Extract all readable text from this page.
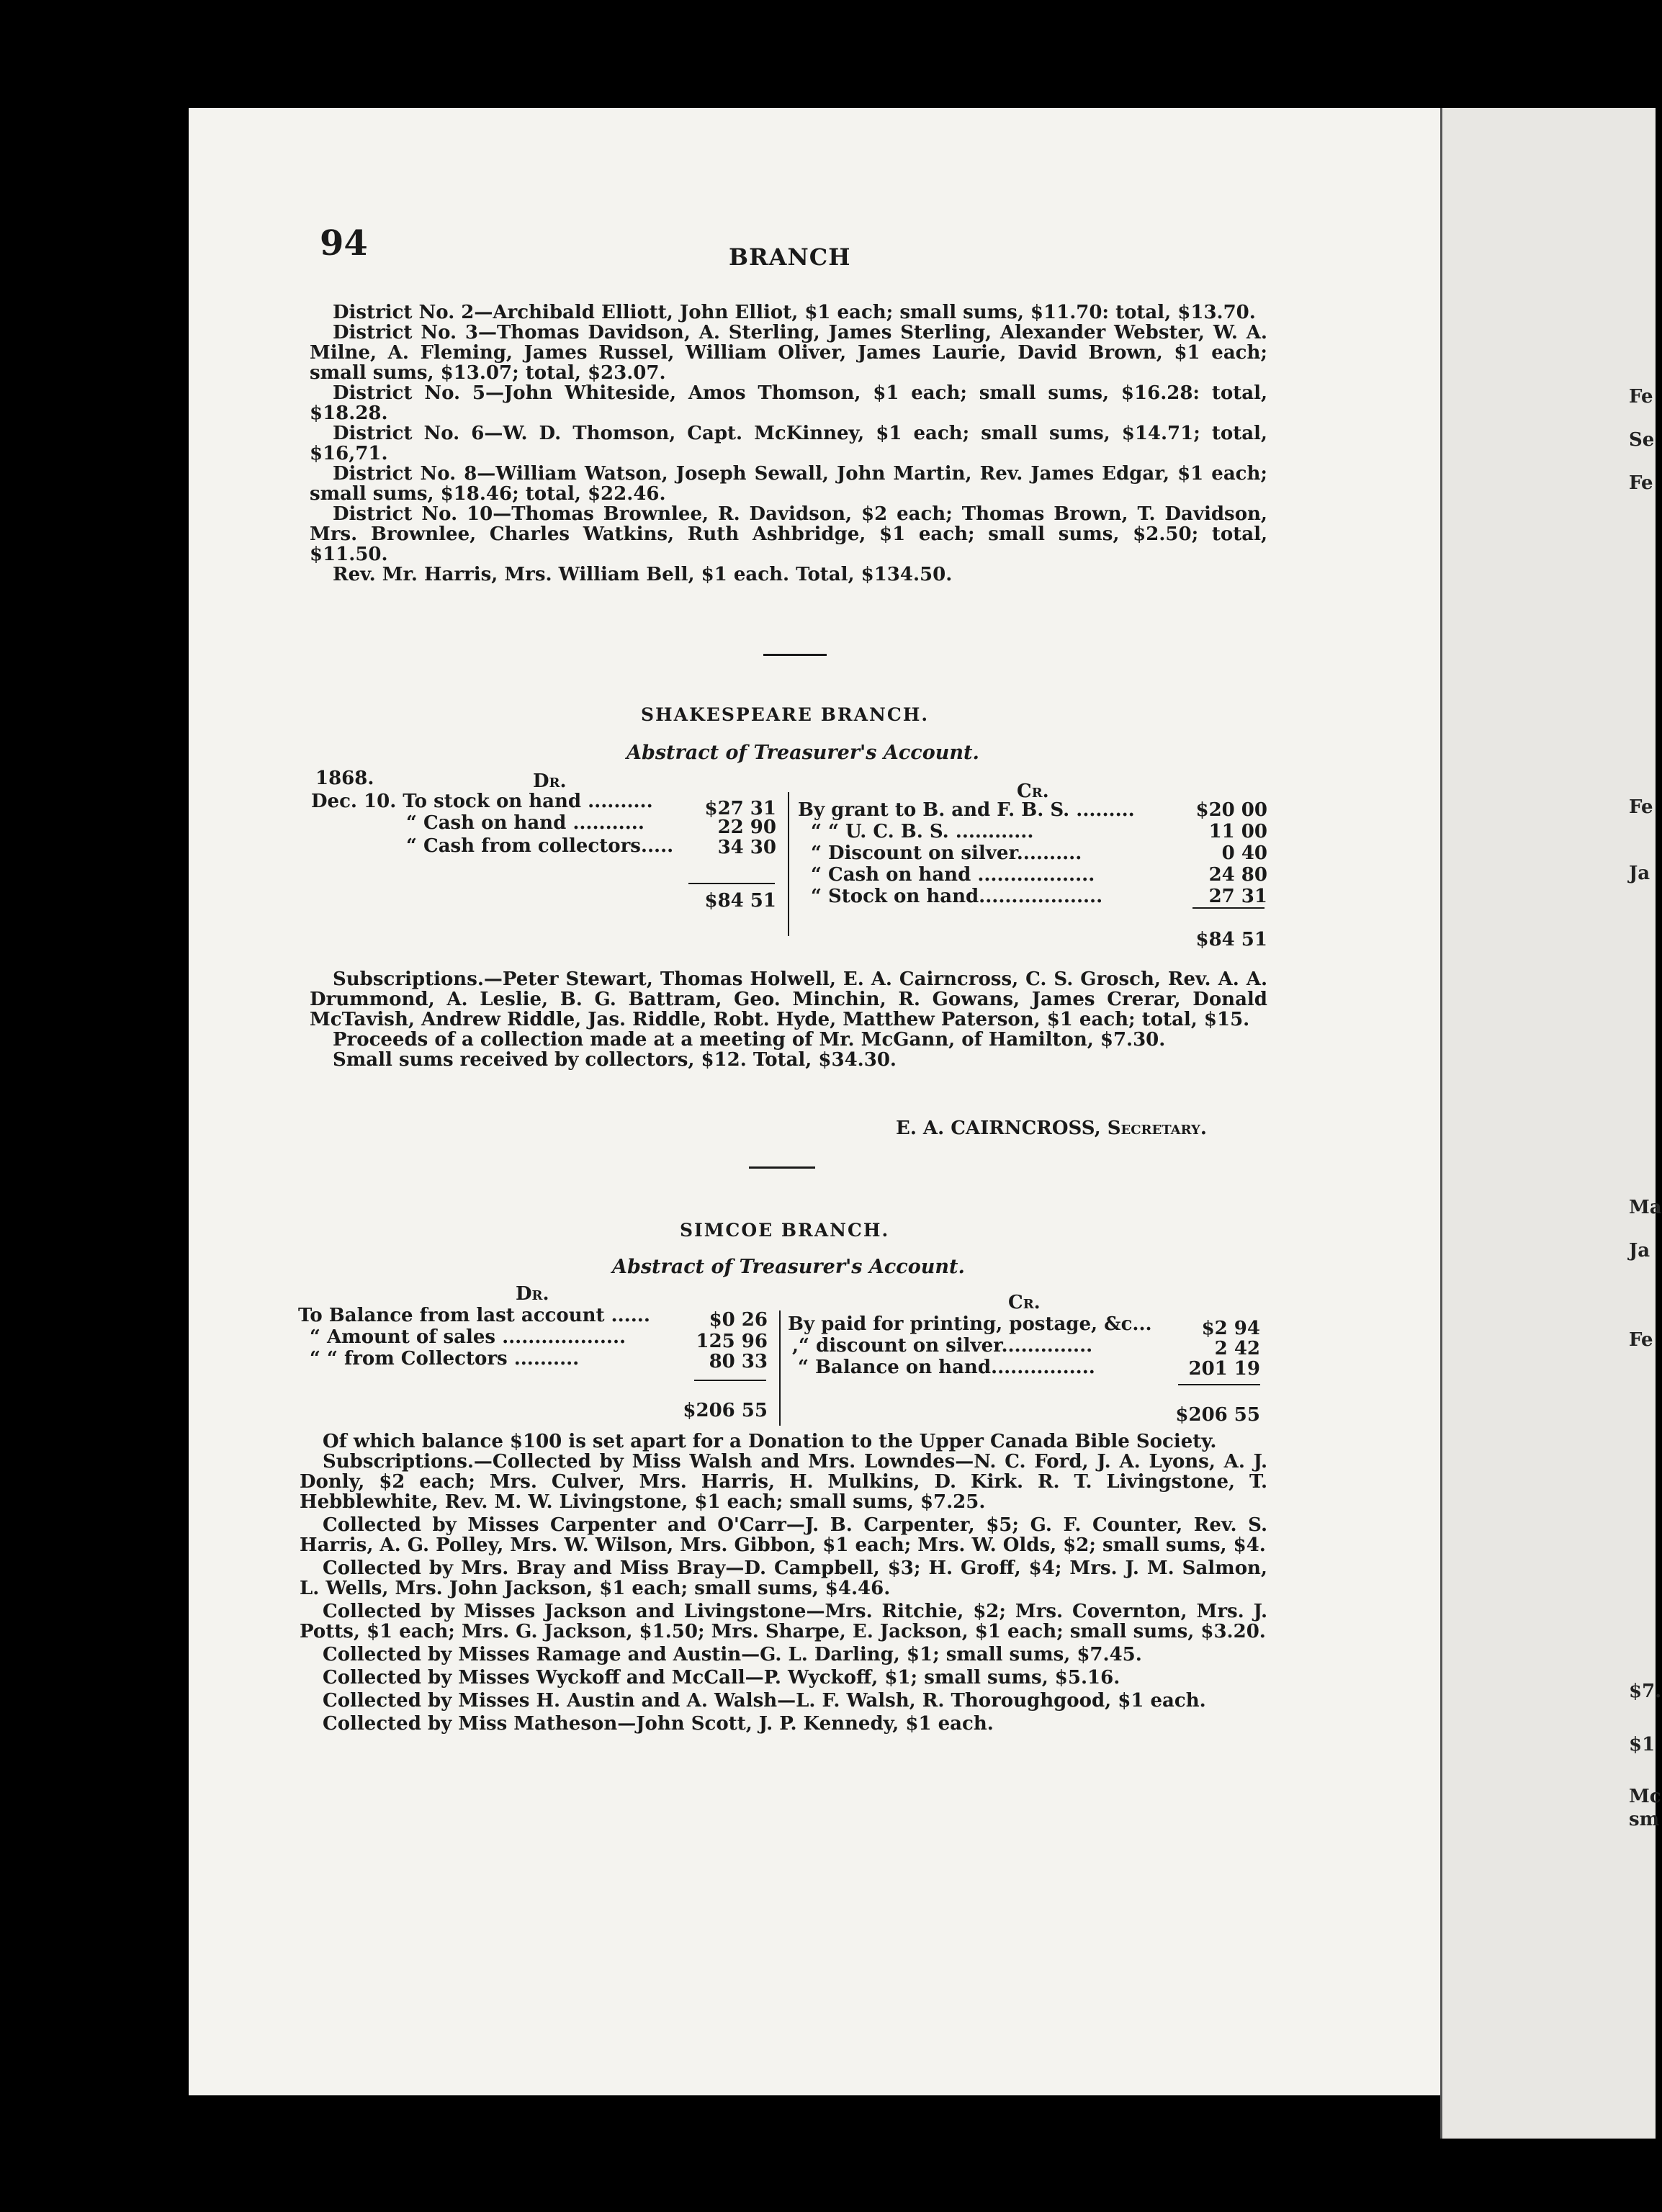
Fe
Se
Fe
Fe
Ja
Ma
Ja
Fe
$7.
$1
Mc
sm
94	BRANCH
District No. 2—Archibald Elliott, John Elliot, $1 each; small sums, $11.70: total, $13.70.
District No. 3—Thomas Davidson, A. Sterling, James Sterling, Alexander Webster, W. A. Milne, A. Fleming, James Russel, William Oliver, James Laurie, David Brown, $1 each; small sums, $13.07; total, $23.07.
District No. 5—John Whiteside, Amos Thomson, $1 each; small sums, $16.28: total, $18.28.
District No. 6—W. D. Thomson, Capt. McKinney, $1 each; small sums, $14.71; total, $16,71.
District No. 8—William Watson, Joseph Sewall, John Martin, Rev. James Edgar, $1 each; small sums, $18.46; total, $22.46.
District No. 10—Thomas Brownlee, R. Davidson, $2 each; Thomas Brown, T. Davidson, Mrs. Brownlee, Charles Watkins, Ruth Ashbridge, $1 each; small sums, $2.50; total, $11.50.
Rev. Mr. Harris, Mrs. William Bell, $1 each. Total, $134.50.
SHAKESPEARE BRANCH.
Abstract of Treasurer's Account.
1868.	Dr.	Cr.
Dec. 10. To stock on hand ..........	$27 31
“ Cash on hand ...........	22 90
“ Cash from collectors.....	34 30
By grant to B. and F. B. S. .........	$20 00
“ “ U. C. B. S. ............	11 00
“ Discount on silver..........	0 40
“ Cash on hand ..................	24 80
“ Stock on hand...................	27 31
$84 51
$84 51
Subscriptions.—Peter Stewart, Thomas Holwell, E. A. Cairncross, C. S. Grosch, Rev. A. A. Drummond, A. Leslie, B. G. Battram, Geo. Minchin, R. Gowans, James Crerar, Donald McTavish, Andrew Riddle, Jas. Riddle, Robt. Hyde, Matthew Paterson, $1 each; total, $15.
Proceeds of a collection made at a meeting of Mr. McGann, of Hamilton, $7.30.
Small sums received by collectors, $12. Total, $34.30.
E. A. CAIRNCROSS, Secretary.
SIMCOE BRANCH.
Abstract of Treasurer's Account.
Dr.	Cr.
To Balance from last account ......	$0 26
“ Amount of sales ...................	125 96
“ “ from Collectors ..........	80 33
By paid for printing, postage, &c...	$2 94
,“ discount on silver..............	2 42
“ Balance on hand................	201 19
$206 55	$206 55
Of which balance $100 is set apart for a Donation to the Upper Canada Bible Society.
Subscriptions.—Collected by Miss Walsh and Mrs. Lowndes—N. C. Ford, J. A. Lyons, A. J. Donly, $2 each; Mrs. Culver, Mrs. Harris, H. Mulkins, D. Kirk. R. T. Livingstone, T. Hebblewhite, Rev. M. W. Livingstone, $1 each; small sums, $7.25.
Collected by Misses Carpenter and O'Carr—J. B. Carpenter, $5; G. F. Counter, Rev. S. Harris, A. G. Polley, Mrs. W. Wilson, Mrs. Gibbon, $1 each; Mrs. W. Olds, $2; small sums, $4.
Collected by Mrs. Bray and Miss Bray—D. Campbell, $3; H. Groff, $4; Mrs. J. M. Salmon, L. Wells, Mrs. John Jackson, $1 each; small sums, $4.46.
Collected by Misses Jackson and Livingstone—Mrs. Ritchie, $2; Mrs. Covernton, Mrs. J. Potts, $1 each; Mrs. G. Jackson, $1.50; Mrs. Sharpe, E. Jackson, $1 each; small sums, $3.20.
Collected by Misses Ramage and Austin—G. L. Darling, $1; small sums, $7.45.
Collected by Misses Wyckoff and McCall—P. Wyckoff, $1; small sums, $5.16.
Collected by Misses H. Austin and A. Walsh—L. F. Walsh, R. Thoroughgood, $1 each.
Collected by Miss Matheson—John Scott, J. P. Kennedy, $1 each.
